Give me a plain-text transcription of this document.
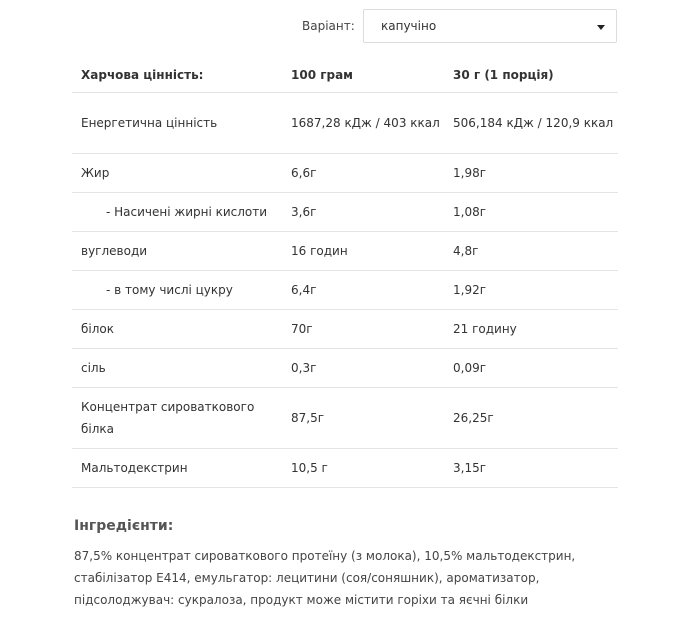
Варіант: капучіно
Харчова цінність:	100 грам	30 г (1 порція)
Енергетична цінність	1687,28 кДж / 403 ккал	506,184 кДж / 120,9 ккал
Жир	6,6г	1,98г
- Насичені жирні кислоти	3,6г	1,08г
вуглеводи	16 годин	4,8г
- в тому числі цукру	6,4г	1,92г
білок	70г	21 годину
сіль	0,3г	0,09г
Концентрат сироваткового білка	87,5г	26,25г
Мальтодекстрин	10,5 г	3,15г
Інгредієнти:
87,5% концентрат сироваткового протеїну (з молока), 10,5% мальтодекстрин, стабілізатор E414, емульгатор: лецитини (соя/соняшник), ароматизатор, підсолоджувач: сукралоза, продукт може містити горіхи та яєчні білки
